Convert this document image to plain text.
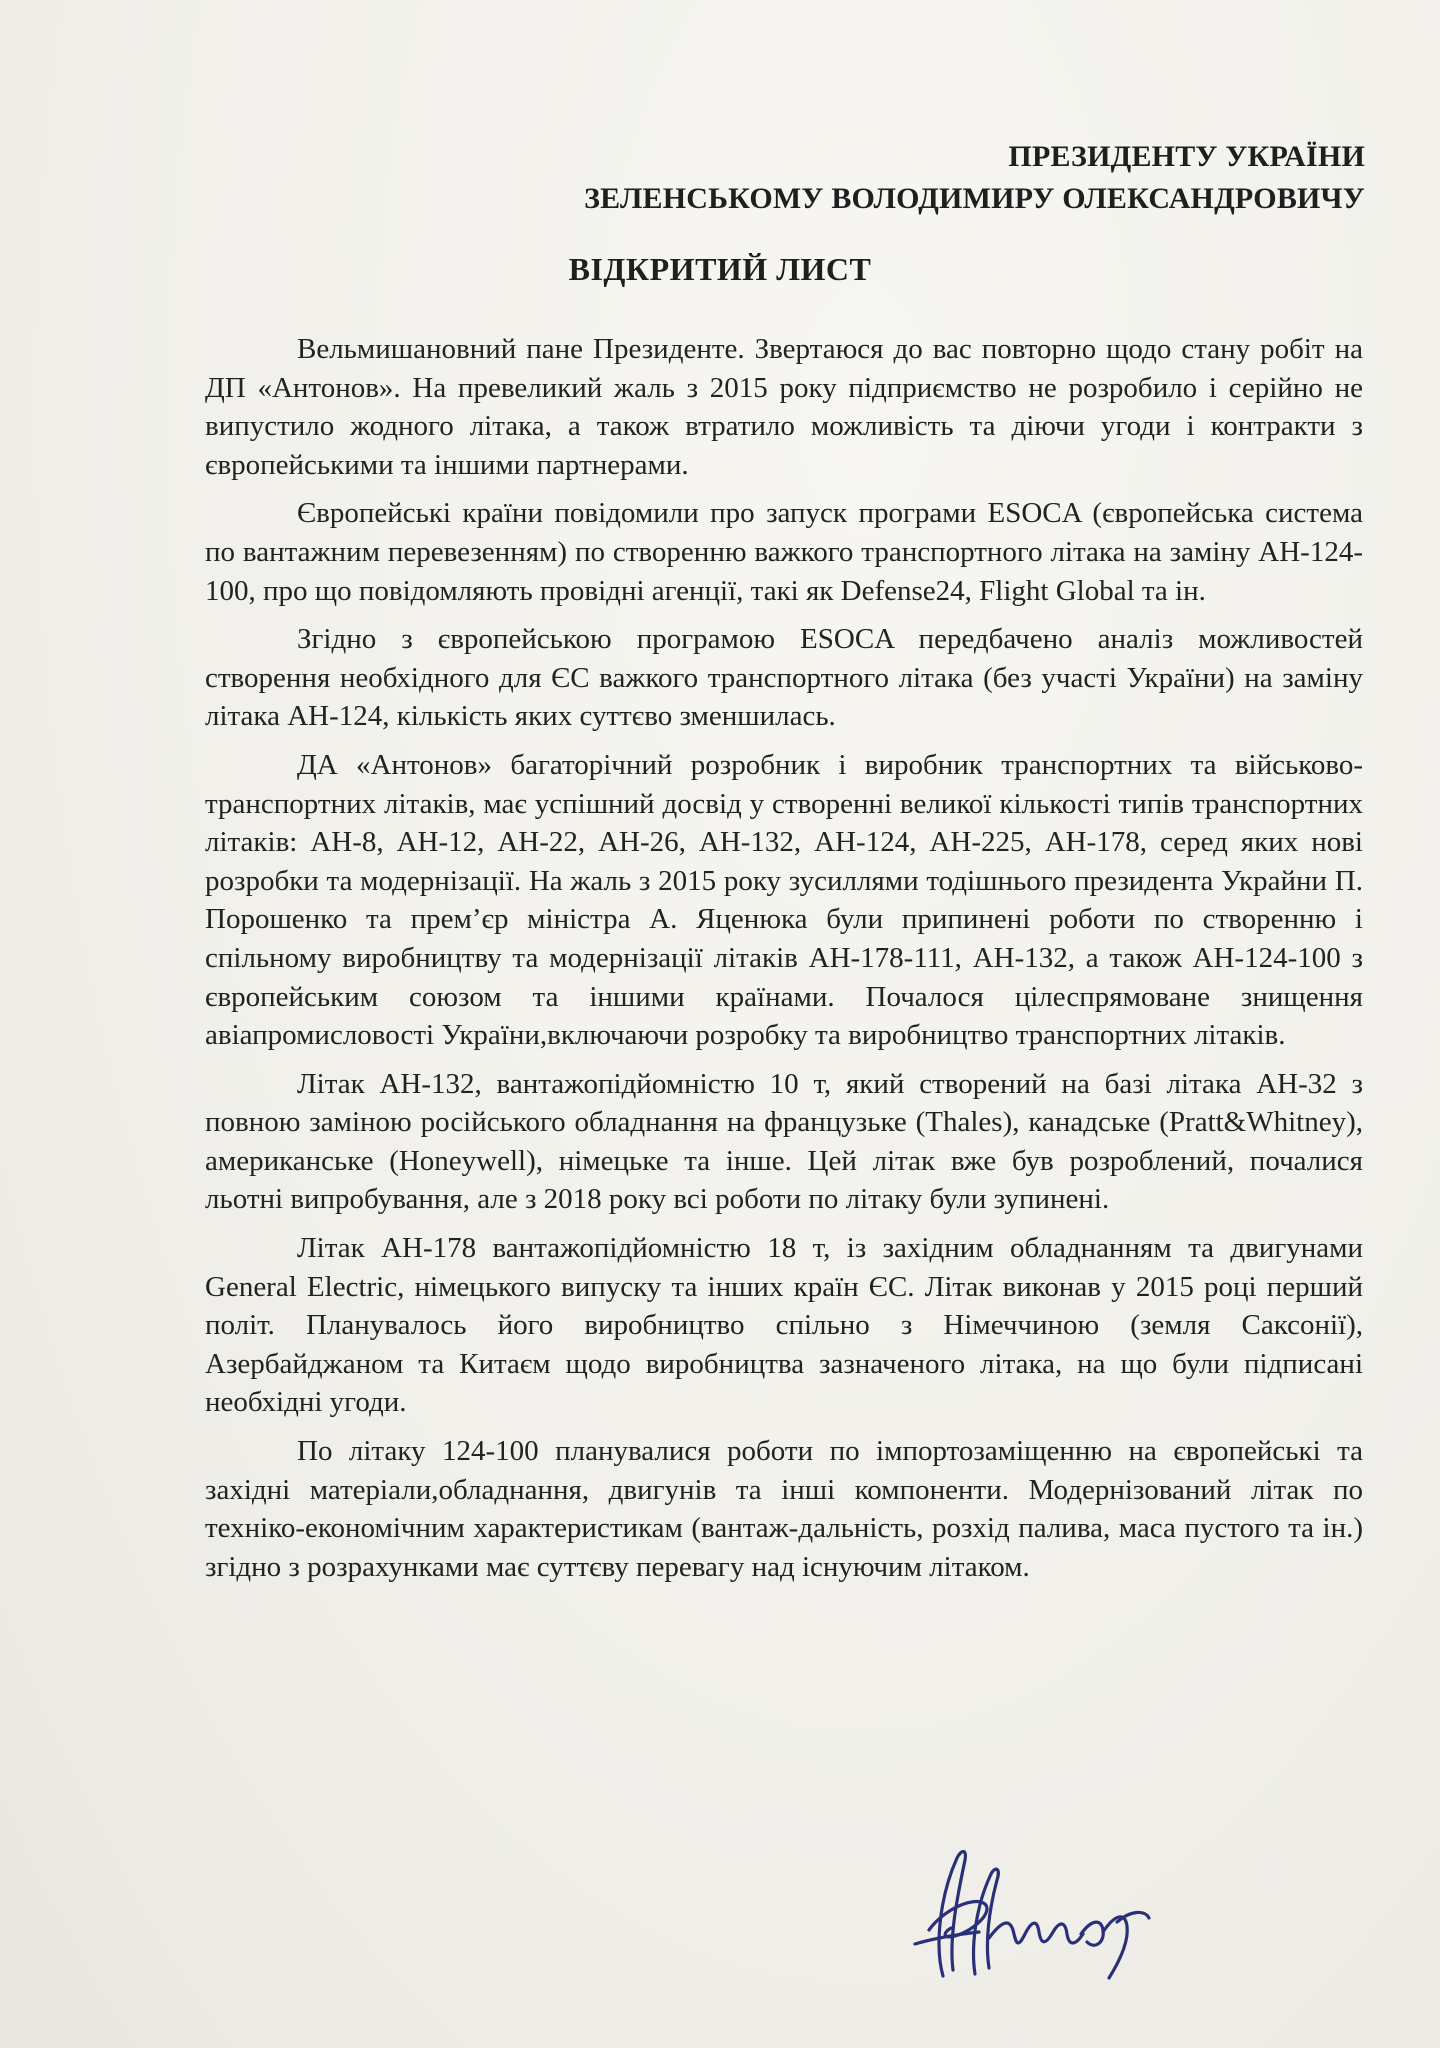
ПРЕЗИДЕНТУ УКРАЇНИ
ЗЕЛЕНСЬКОМУ ВОЛОДИМИРУ ОЛЕКСАНДРОВИЧУ
ВІДКРИТИЙ ЛИСТ

Вельмишановний пане Президенте. Звертаюся до вас повторно щодо стану робіт на ДП «Антонов». На превеликий жаль з 2015 року підприємство не розробило і серійно не випустило жодного літака, а також втратило можливість та діючи угоди і контракти з європейськими та іншими партнерами.

Європейські країни повідомили про запуск програми ESOCA (європейська система по вантажним перевезенням) по створенню важкого транспортного літака на заміну АН-124-100, про що повідомляють провідні агенції, такі як Defense24, Flight Global та ін.

Згідно з європейською програмою ESOCA передбачено аналіз можливостей створення необхідного для ЄС важкого транспортного літака (без участі України) на заміну літака АН-124, кількість яких суттєво зменшилась.

ДА «Антонов» багаторічний розробник і виробник транспортних та військово-транспортних літаків, має успішний досвід у створенні великої кількості типів транспортних літаків: АН-8, АН-12, АН-22, АН-26, АН-132, АН-124, АН-225, АН-178, серед яких нові розробки та модернізації. На жаль з 2015 року зусиллями тодішнього президента Украйни П. Порошенко та прем’єр міністра А. Яценюка були припинені роботи по створенню і спільному виробництву та модернізації літаків АН-178-111, АН-132, а також АН-124-100 з європейським союзом та іншими країнами. Почалося цілеспрямоване знищення авіапромисловості України,включаючи розробку та виробництво транспортних літаків.

Літак АН-132, вантажопідйомністю 10 т, який створений на базі літака АН-32 з повною заміною російського обладнання на французьке (Thales), канадське (Pratt&Whitney), американське (Honeywell), німецьке та інше. Цей літак вже був розроблений, почалися льотні випробування, але з 2018 року всі роботи по літаку були зупинені.

Літак АН-178 вантажопідйомністю 18 т, із західним обладнанням та двигунами General Electric, німецького випуску та інших країн ЄС. Літак виконав у 2015 році перший політ. Планувалось його виробництво спільно з Німеччиною (земля Саксонії), Азербайджаном та Китаєм щодо виробництва зазначеного літака, на що були підписані необхідні угоди.

По літаку 124-100 планувалися роботи по імпортозаміщенню на європейські та західні матеріали,обладнання, двигунів та інші компоненти. Модернізований літак по техніко-економічним характеристикам (вантаж-дальність, розхід палива, маса пустого та ін.) згідно з розрахунками має суттєву перевагу над існуючим літаком.
